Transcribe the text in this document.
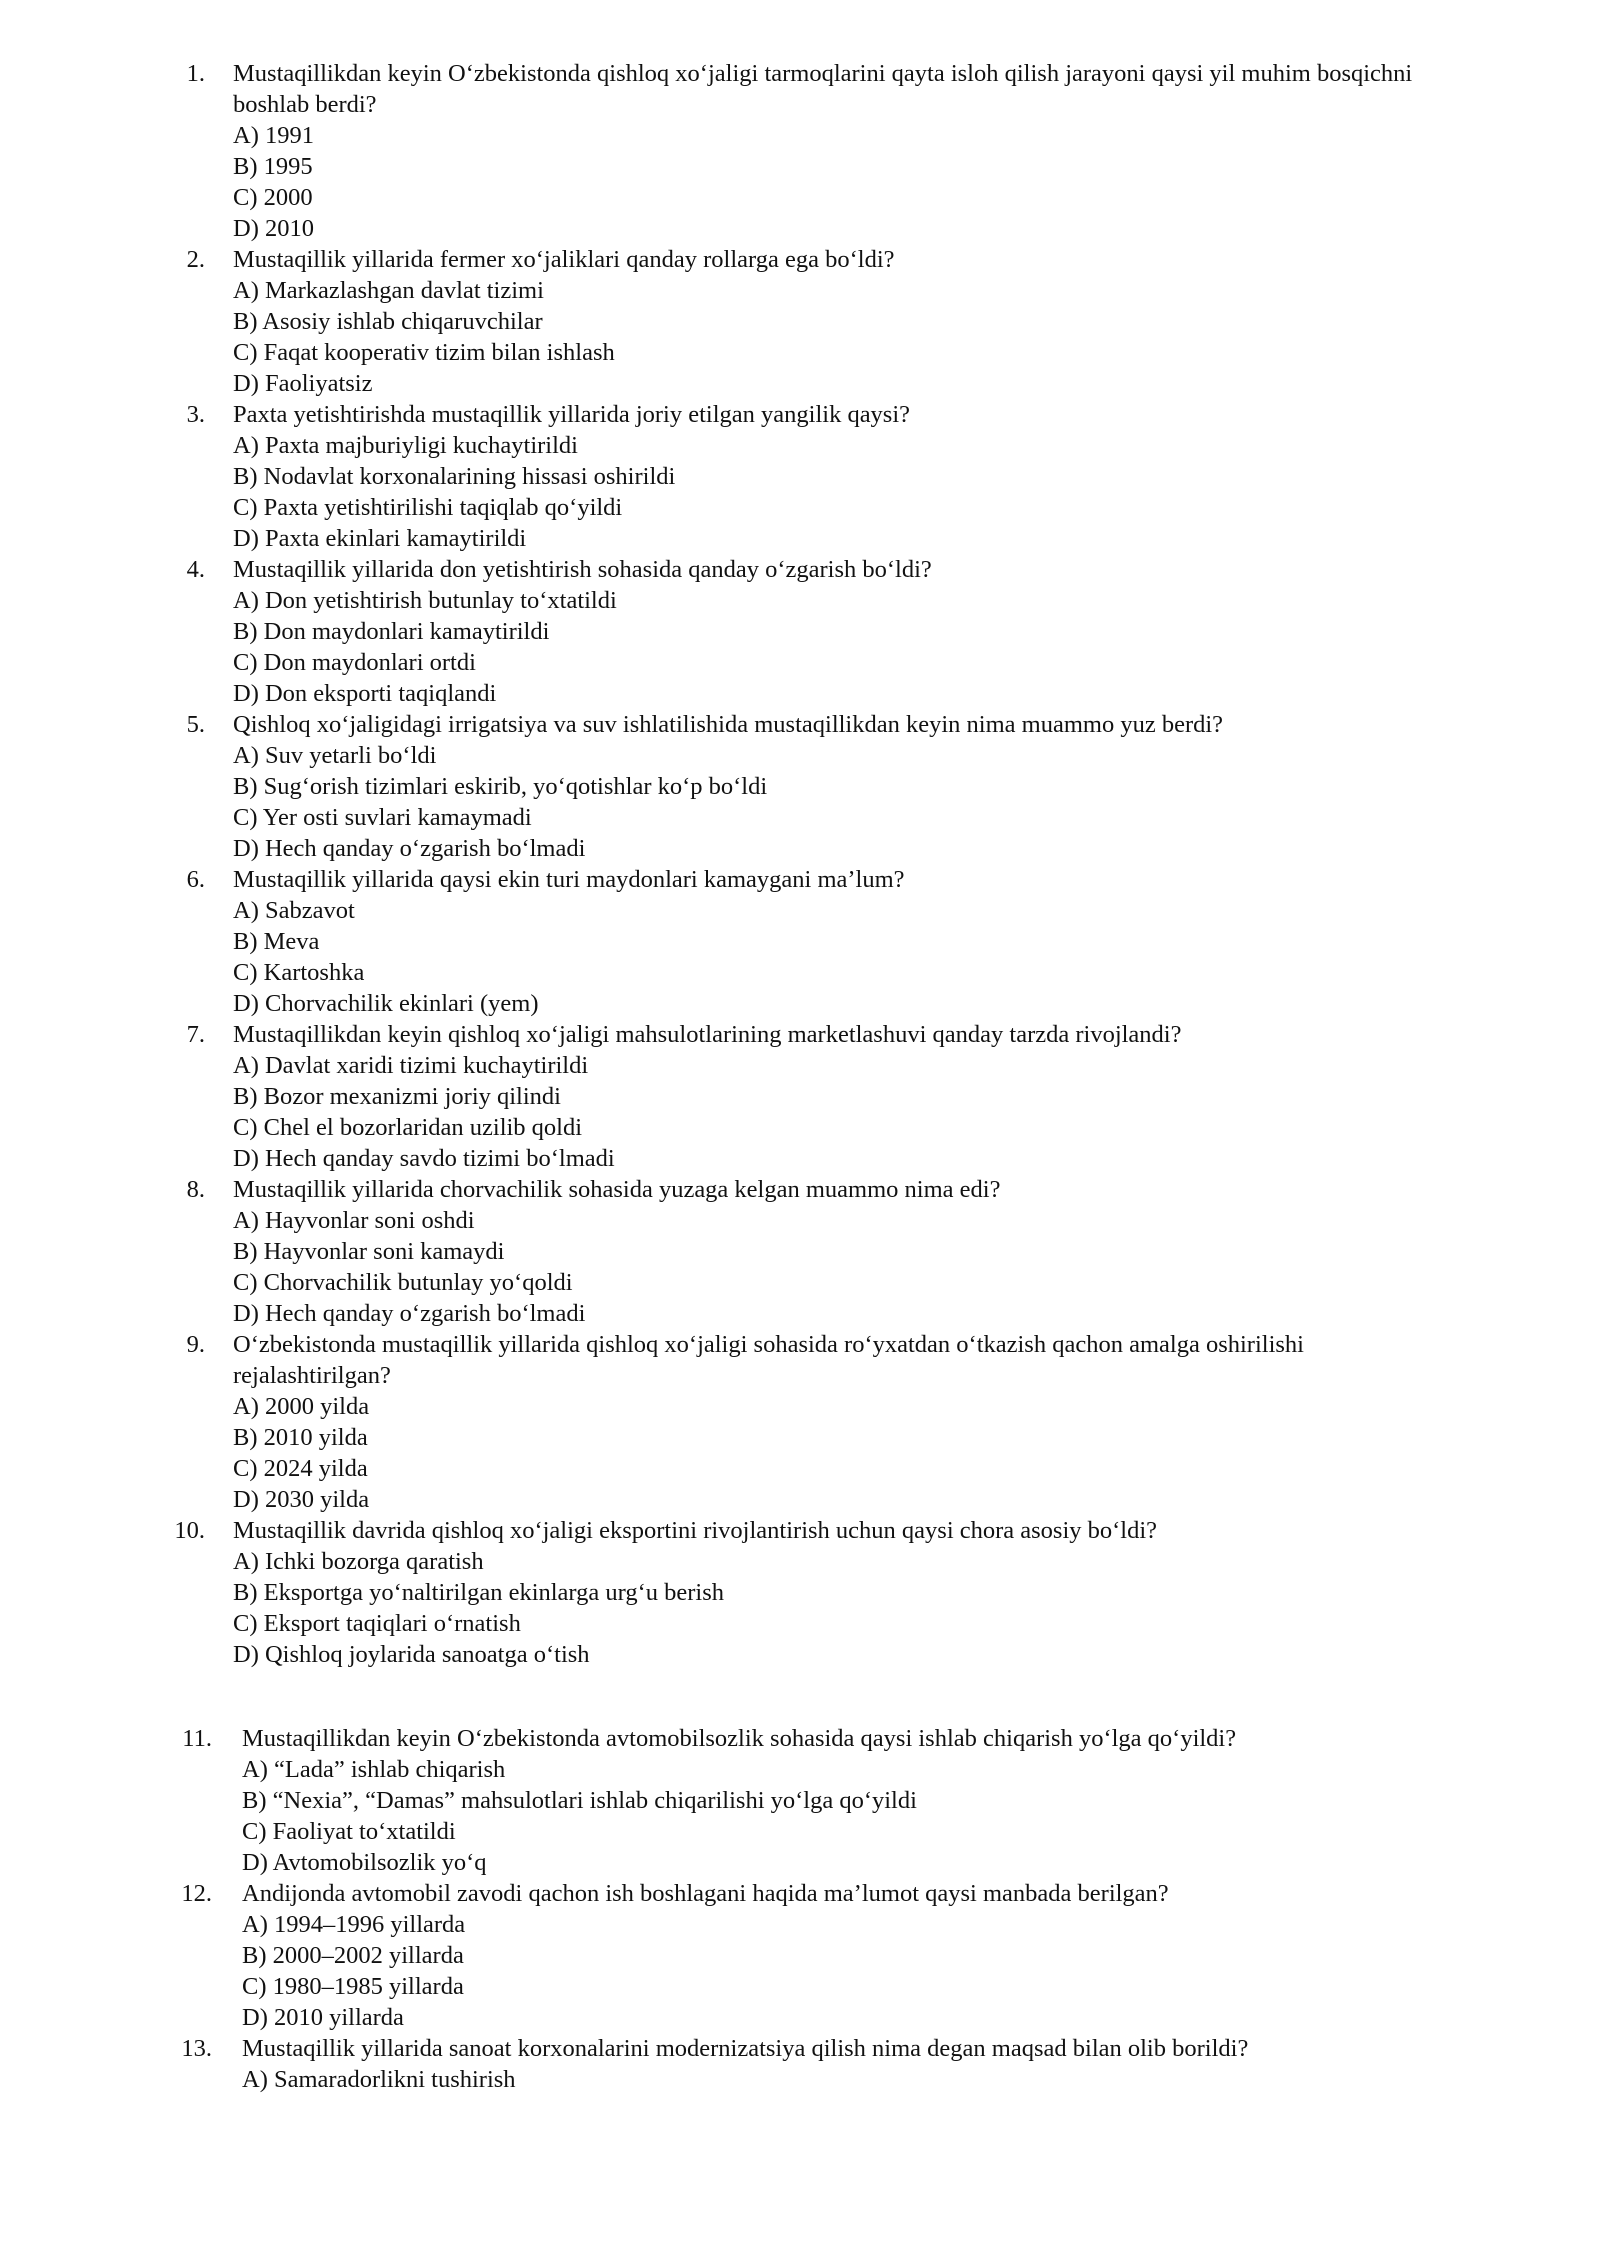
1. Mustaqillikdan keyin O‘zbekistonda qishloq xo‘jaligi tarmoqlarini qayta isloh qilish jarayoni qaysi yil muhim bosqichni boshlab berdi?
A) 1991
B) 1995
C) 2000
D) 2010
2. Mustaqillik yillarida fermer xo‘jaliklari qanday rollarga ega bo‘ldi?
A) Markazlashgan davlat tizimi
B) Asosiy ishlab chiqaruvchilar
C) Faqat kooperativ tizim bilan ishlash
D) Faoliyatsiz
3. Paxta yetishtirishda mustaqillik yillarida joriy etilgan yangilik qaysi?
A) Paxta majburiyligi kuchaytirildi
B) Nodavlat korxonalarining hissasi oshirildi
C) Paxta yetishtirilishi taqiqlab qo‘yildi
D) Paxta ekinlari kamaytirildi
4. Mustaqillik yillarida don yetishtirish sohasida qanday o‘zgarish bo‘ldi?
A) Don yetishtirish butunlay to‘xtatildi
B) Don maydonlari kamaytirildi
C) Don maydonlari ortdi
D) Don eksporti taqiqlandi
5. Qishloq xo‘jaligidagi irrigatsiya va suv ishlatilishida mustaqillikdan keyin nima muammo yuz berdi?
A) Suv yetarli bo‘ldi
B) Sug‘orish tizimlari eskirib, yo‘qotishlar ko‘p bo‘ldi
C) Yer osti suvlari kamaymadi
D) Hech qanday o‘zgarish bo‘lmadi
6. Mustaqillik yillarida qaysi ekin turi maydonlari kamaygani ma’lum?
A) Sabzavot
B) Meva
C) Kartoshka
D) Chorvachilik ekinlari (yem)
7. Mustaqillikdan keyin qishloq xo‘jaligi mahsulotlarining marketlashuvi qanday tarzda rivojlandi?
A) Davlat xaridi tizimi kuchaytirildi
B) Bozor mexanizmi joriy qilindi
C) Chel el bozorlaridan uzilib qoldi
D) Hech qanday savdo tizimi bo‘lmadi
8. Mustaqillik yillarida chorvachilik sohasida yuzaga kelgan muammo nima edi?
A) Hayvonlar soni oshdi
B) Hayvonlar soni kamaydi
C) Chorvachilik butunlay yo‘qoldi
D) Hech qanday o‘zgarish bo‘lmadi
9. O‘zbekistonda mustaqillik yillarida qishloq xo‘jaligi sohasida ro‘yxatdan o‘tkazish qachon amalga oshirilishi rejalashtirilgan?
A) 2000 yilda
B) 2010 yilda
C) 2024 yilda
D) 2030 yilda
10. Mustaqillik davrida qishloq xo‘jaligi eksportini rivojlantirish uchun qaysi chora asosiy bo‘ldi?
A) Ichki bozorga qaratish
B) Eksportga yo‘naltirilgan ekinlarga urg‘u berish
C) Eksport taqiqlari o‘rnatish
D) Qishloq joylarida sanoatga o‘tish
11. Mustaqillikdan keyin O‘zbekistonda avtomobilsozlik sohasida qaysi ishlab chiqarish yo‘lga qo‘yildi?
A) “Lada” ishlab chiqarish
B) “Nexia”, “Damas” mahsulotlari ishlab chiqarilishi yo‘lga qo‘yildi
C) Faoliyat to‘xtatildi
D) Avtomobilsozlik yo‘q
12. Andijonda avtomobil zavodi qachon ish boshlagani haqida ma’lumot qaysi manbada berilgan?
A) 1994–1996 yillarda
B) 2000–2002 yillarda
C) 1980–1985 yillarda
D) 2010 yillarda
13. Mustaqillik yillarida sanoat korxonalarini modernizatsiya qilish nima degan maqsad bilan olib borildi?
A) Samaradorlikni tushirish
